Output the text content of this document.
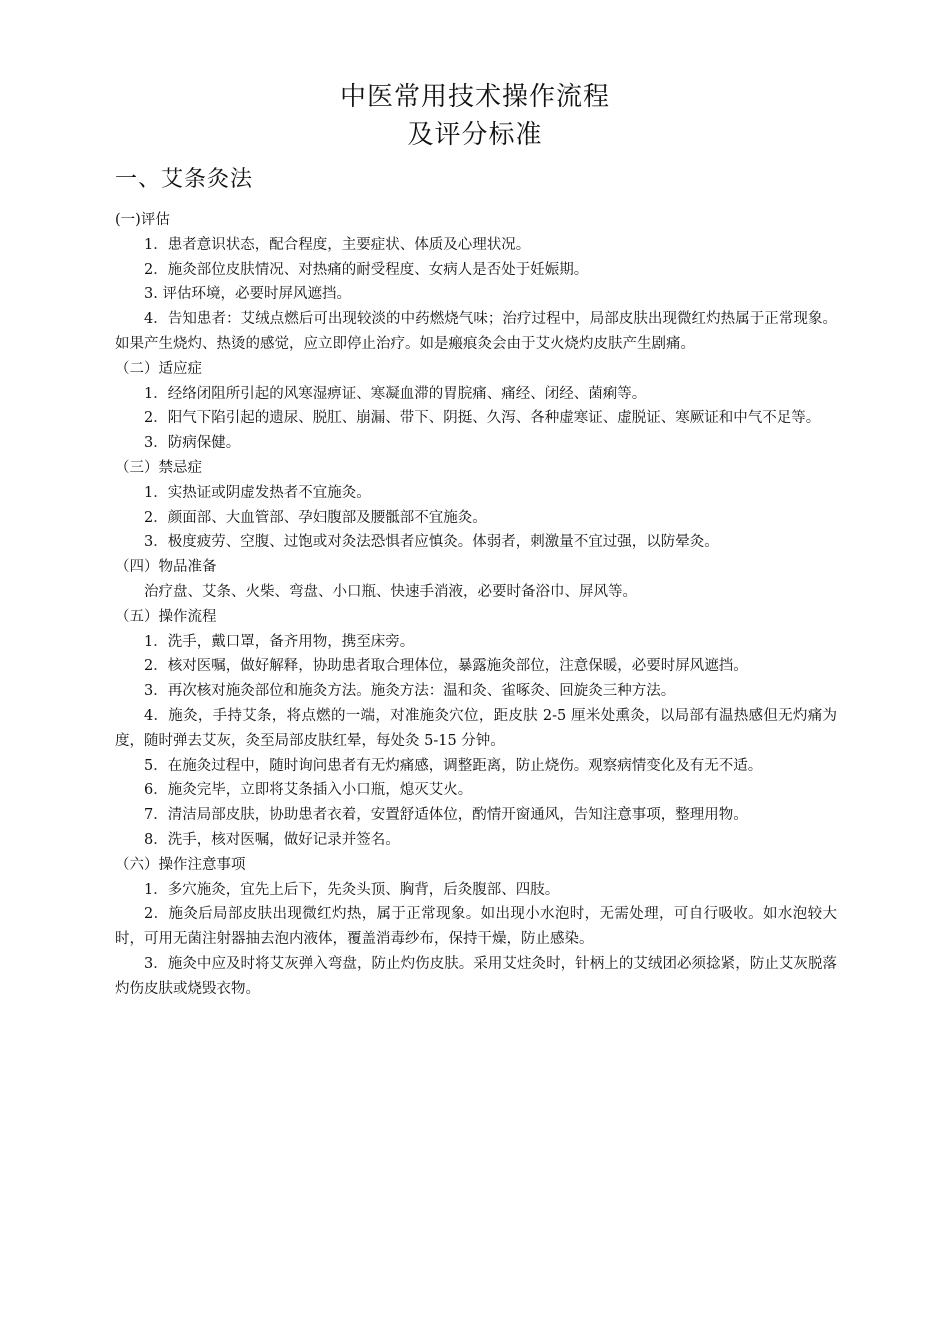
中医常用技术操作流程
及评分标准
一、艾条灸法
(一)评估
1．患者意识状态，配合程度，主要症状、体质及心理状况。
2．施灸部位皮肤情况、对热痛的耐受程度、女病人是否处于妊娠期。
3. 评估环境，必要时屏风遮挡。
4．告知患者：艾绒点燃后可出现较淡的中药燃烧气味；治疗过程中，局部皮肤出现微红灼热属于正常现象。如果产生烧灼、热烫的感觉，应立即停止治疗。如是瘢痕灸会由于艾火烧灼皮肤产生剧痛。
（二）适应症
1．经络闭阻所引起的风寒湿痹证、寒凝血滞的胃脘痛、痛经、闭经、菌痢等。
2．阳气下陷引起的遗尿、脱肛、崩漏、带下、阴挺、久泻、各种虚寒证、虚脱证、寒厥证和中气不足等。
3．防病保健。
（三）禁忌症
1．实热证或阴虚发热者不宜施灸。
2．颜面部、大血管部、孕妇腹部及腰骶部不宜施灸。
3．极度疲劳、空腹、过饱或对灸法恐惧者应慎灸。体弱者，刺激量不宜过强，以防晕灸。
（四）物品准备
治疗盘、艾条、火柴、弯盘、小口瓶、快速手消液，必要时备浴巾、屏风等。
（五）操作流程
1．洗手，戴口罩，备齐用物，携至床旁。
2．核对医嘱，做好解释，协助患者取合理体位，暴露施灸部位，注意保暖，必要时屏风遮挡。
3．再次核对施灸部位和施灸方法。施灸方法：温和灸、雀啄灸、回旋灸三种方法。
4．施灸，手持艾条，将点燃的一端，对准施灸穴位，距皮肤 2-5 厘米处熏灸，以局部有温热感但无灼痛为度，随时弹去艾灰，灸至局部皮肤红晕，每处灸 5-15 分钟。
5．在施灸过程中，随时询问患者有无灼痛感，调整距离，防止烧伤。观察病情变化及有无不适。
6．施灸完毕，立即将艾条插入小口瓶，熄灭艾火。
7．清洁局部皮肤，协助患者衣着，安置舒适体位，酌情开窗通风，告知注意事项，整理用物。
8．洗手，核对医嘱，做好记录并签名。
（六）操作注意事项
1．多穴施灸，宜先上后下，先灸头顶、胸背，后灸腹部、四肢。
2．施灸后局部皮肤出现微红灼热，属于正常现象。如出现小水泡时，无需处理，可自行吸收。如水泡较大时，可用无菌注射器抽去泡内液体，覆盖消毒纱布，保持干燥，防止感染。
3．施灸中应及时将艾灰弹入弯盘，防止灼伤皮肤。采用艾炷灸时，针柄上的艾绒团必须捻紧，防止艾灰脱落灼伤皮肤或烧毁衣物。
